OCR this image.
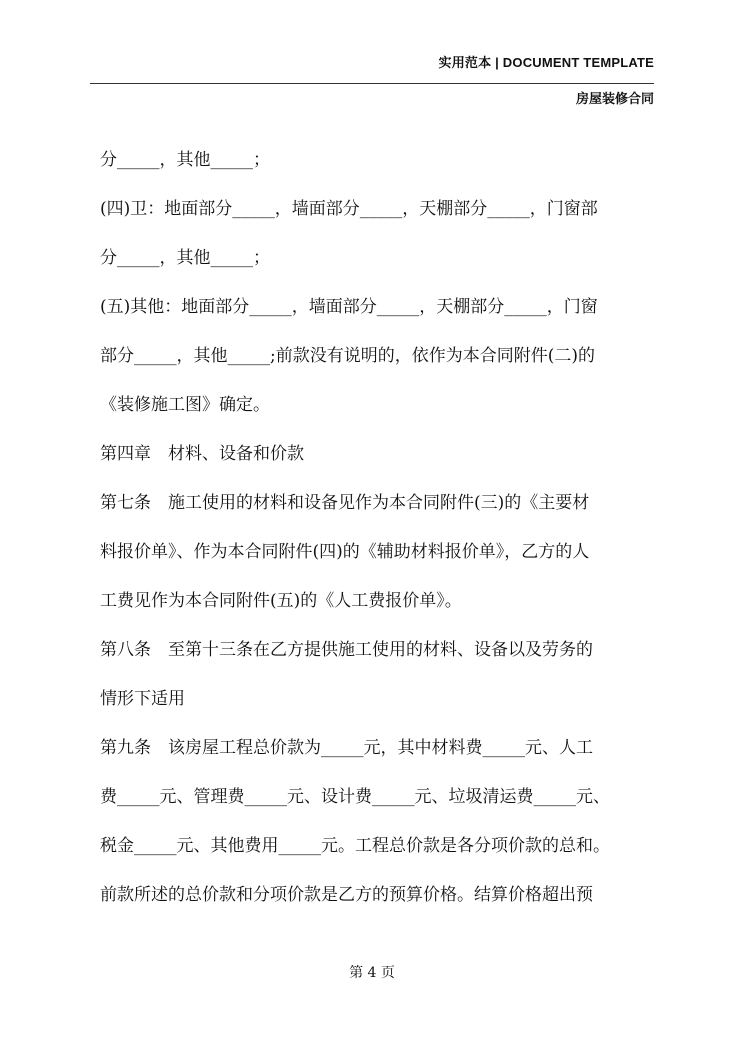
实用范本 | DOCUMENT TEMPLATE
房屋装修合同
分_____，其他_____；
(四)卫：地面部分_____，墙面部分_____，天棚部分_____，门窗部
分_____，其他_____；
(五)其他：地面部分_____，墙面部分_____，天棚部分_____，门窗
部分_____，其他_____;前款没有说明的，依作为本合同附件(二)的
《装修施工图》确定。
第四章　材料、设备和价款
第七条　施工使用的材料和设备见作为本合同附件(三)的《主要材
料报价单》、作为本合同附件(四)的《辅助材料报价单》，乙方的人
工费见作为本合同附件(五)的《人工费报价单》。
第八条　至第十三条在乙方提供施工使用的材料、设备以及劳务的
情形下适用
第九条　该房屋工程总价款为_____元，其中材料费_____元、人工
费_____元、管理费_____元、设计费_____元、垃圾清运费_____元、
税金_____元、其他费用_____元。工程总价款是各分项价款的总和。
前款所述的总价款和分项价款是乙方的预算价格。结算价格超出预
第 4 页
